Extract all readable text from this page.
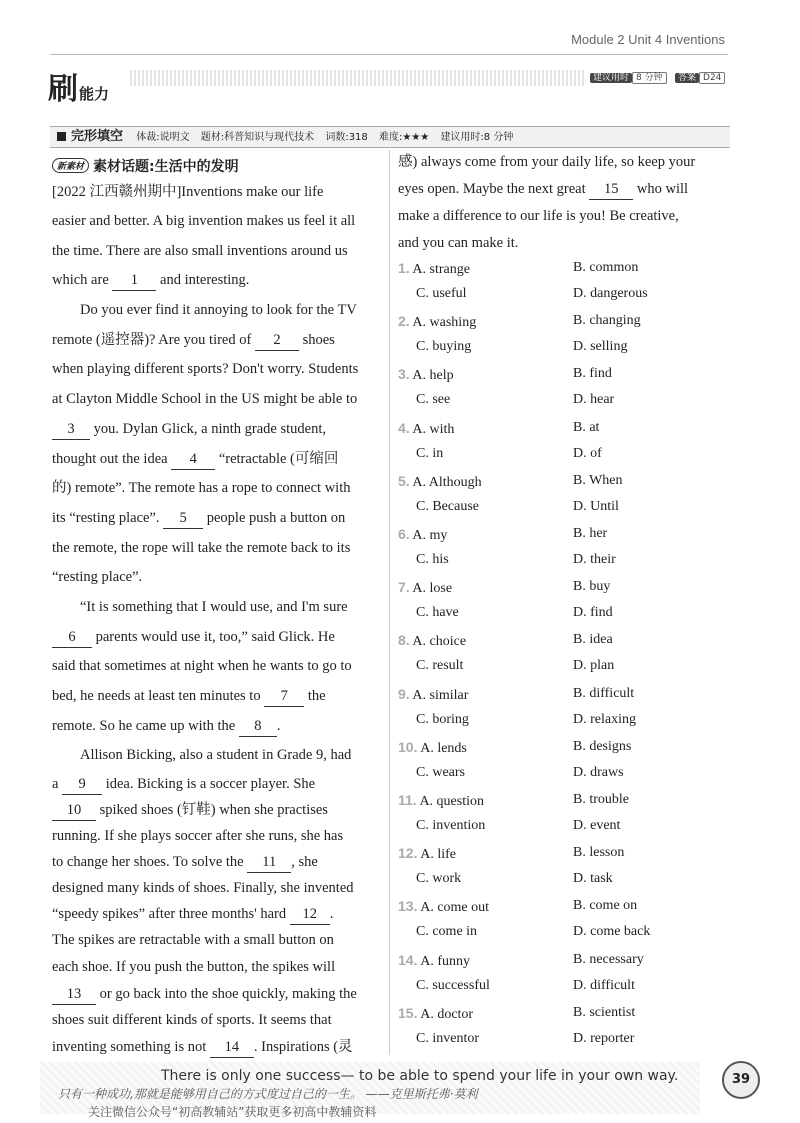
Module 2 Unit 4 Inventions
刷能力
建议用时 8 分钟	答案 D24
完形填空 体裁:说明文 题材:科普知识与现代技术 词数:318 难度:★★★ 建议用时:8 分钟
新素材 素材话题:生活中的发明
[2022 江西赣州期中]Inventions make our life
easier and better. A big invention makes us feel it all
the time. There are also small inventions around us
which are 1 and interesting.
Do you ever find it annoying to look for the TV
remote (遥控器)? Are you tired of 2 shoes
when playing different sports? Don't worry. Students
at Clayton Middle School in the US might be able to
3 you. Dylan Glick, a ninth grade student,
thought out the idea 4 “retractable (可缩回
的) remote”. The remote has a rope to connect with
its “resting place”. 5 people push a button on
the remote, the rope will take the remote back to its
“resting place”.
“It is something that I would use, and I'm sure
6 parents would use it, too,” said Glick. He
said that sometimes at night when he wants to go to
bed, he needs at least ten minutes to 7 the
remote. So he came up with the 8 .
Allison Bicking, also a student in Grade 9, had
a 9 idea. Bicking is a soccer player. She
10 spiked shoes (钉鞋) when she practises
running. If she plays soccer after she runs, she has
to change her shoes. To solve the 11 , she
designed many kinds of shoes. Finally, she invented
“speedy spikes” after three months' hard 12 .
The spikes are retractable with a small button on
each shoe. If you push the button, the spikes will
13 or go back into the shoe quickly, making the
shoes suit different kinds of sports. It seems that
inventing something is not 14 . Inspirations (灵
感) always come from your daily life, so keep your
eyes open. Maybe the next great 15 who will
make a difference to our life is you! Be creative,
and you can make it.
1. A. strange	B. common
C. useful	D. dangerous
2. A. washing	B. changing
C. buying	D. selling
3. A. help	B. find
C. see	D. hear
4. A. with	B. at
C. in	D. of
5. A. Although	B. When
C. Because	D. Until
6. A. my	B. her
C. his	D. their
7. A. lose	B. buy
C. have	D. find
8. A. choice	B. idea
C. result	D. plan
9. A. similar	B. difficult
C. boring	D. relaxing
10. A. lends	B. designs
C. wears	D. draws
11. A. question	B. trouble
C. invention	D. event
12. A. life	B. lesson
C. work	D. task
13. A. come out	B. come on
C. come in	D. come back
14. A. funny	B. necessary
C. successful	D. difficult
15. A. doctor	B. scientist
C. inventor	D. reporter
There is only one success— to be able to spend your life in your own way.
只有一种成功,那就是能够用自己的方式度过自己的一生。 ——克里斯托弗·莫利
关注微信公众号“初高教辅站”获取更多初高中教辅资料
39
